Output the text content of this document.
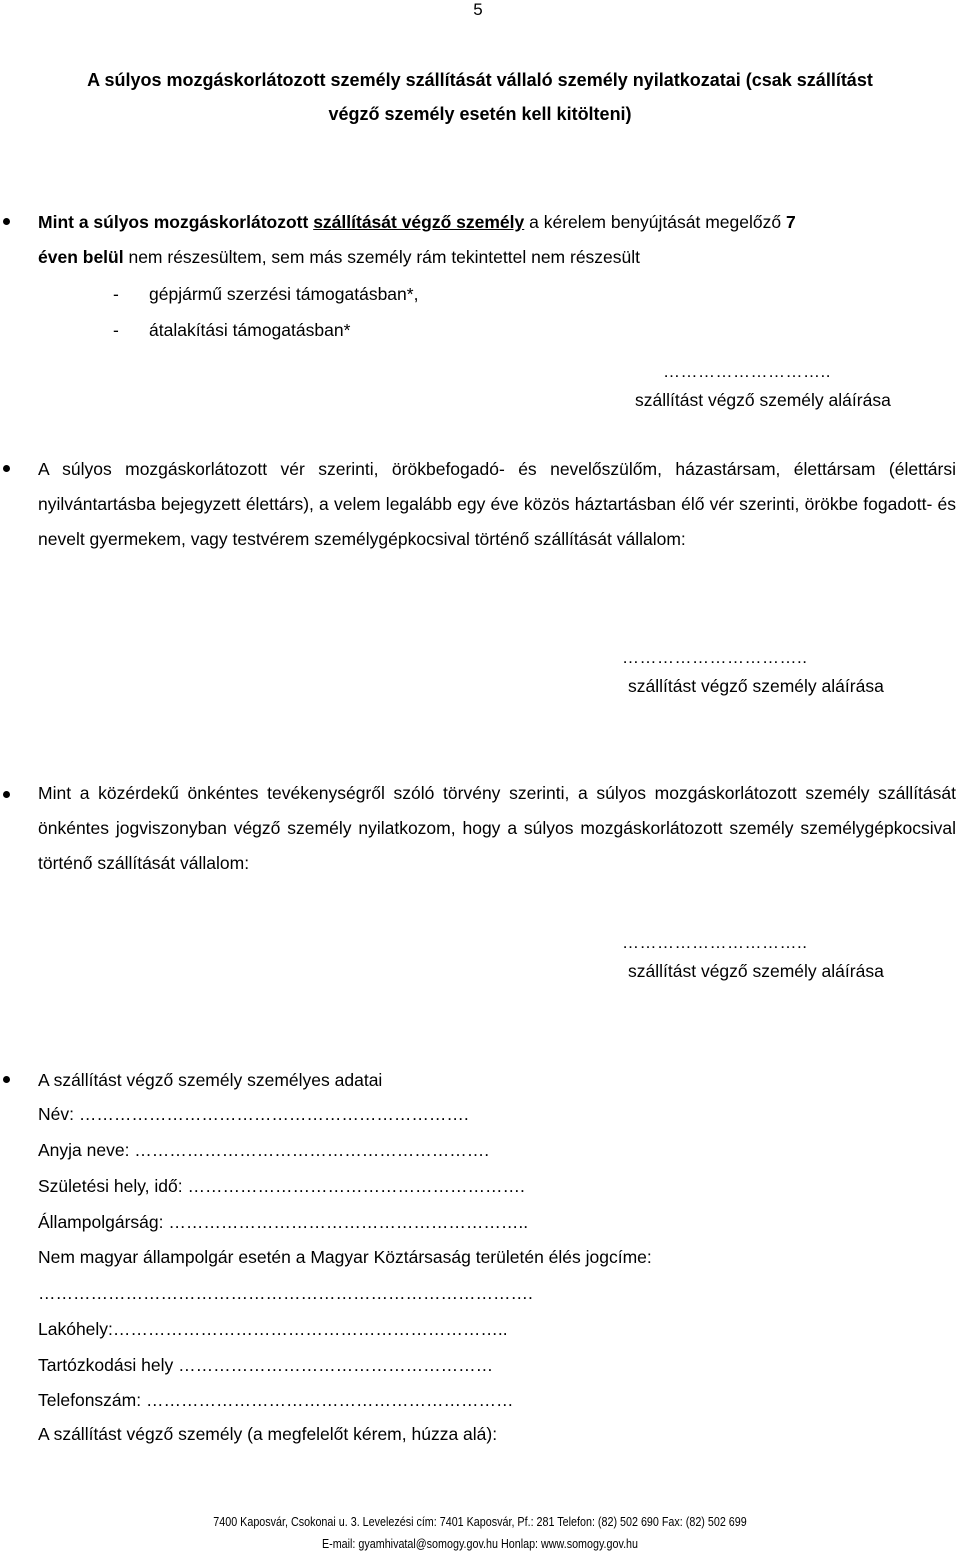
5
A súlyos mozgáskorlátozott személy szállítását vállaló személy nyilatkozatai (csak szállítást
végző személy esetén kell kitölteni)
Mint a súlyos mozgáskorlátozott szállítását végző személy a kérelem benyújtását megelőző 7
éven belül nem részesültem, sem más személy rám tekintettel nem részesült
- gépjármű szerzési támogatásban*,
- átalakítási támogatásban*
………………………..
szállítást végző személy aláírása
A súlyos mozgáskorlátozott vér szerinti, örökbefogadó- és nevelőszülőm, házastársam, élettársam (élettársi nyilvántartásba bejegyzett élettárs), a velem legalább egy éve közös háztartásban élő vér szerinti, örökbe fogadott- és nevelt gyermekem, vagy testvérem személygépkocsival történő szállítását vállalom:
…………………………..
szállítást végző személy aláírása
Mint a közérdekű önkéntes tevékenységről szóló törvény szerinti, a súlyos mozgáskorlátozott személy szállítását önkéntes jogviszonyban végző személy nyilatkozom, hogy a súlyos mozgáskorlátozott személy személygépkocsival történő szállítását vállalom:
…………………………..
szállítást végző személy aláírása
A szállítást végző személy személyes adatai
Név: ………………………………………………………….
Anyja neve: …………………………………………………….
Születési hely, idő: ………………………………………………….
Állampolgárság: ……………………………………………………..
Nem magyar állampolgár esetén a Magyar Köztársaság területén élés jogcíme:
………………………………………………………………………….
Lakóhely:…………………………………………………………..
Tartózkodási hely ………………………………………………
Telefonszám: ………………………………………………………
A szállítást végző személy (a megfelelőt kérem, húzza alá):
7400 Kaposvár, Csokonai u. 3. Levelezési cím: 7401 Kaposvár, Pf.: 281 Telefon: (82) 502 690 Fax: (82) 502 699
E-mail: gyamhivatal@somogy.gov.hu Honlap: www.somogy.gov.hu
